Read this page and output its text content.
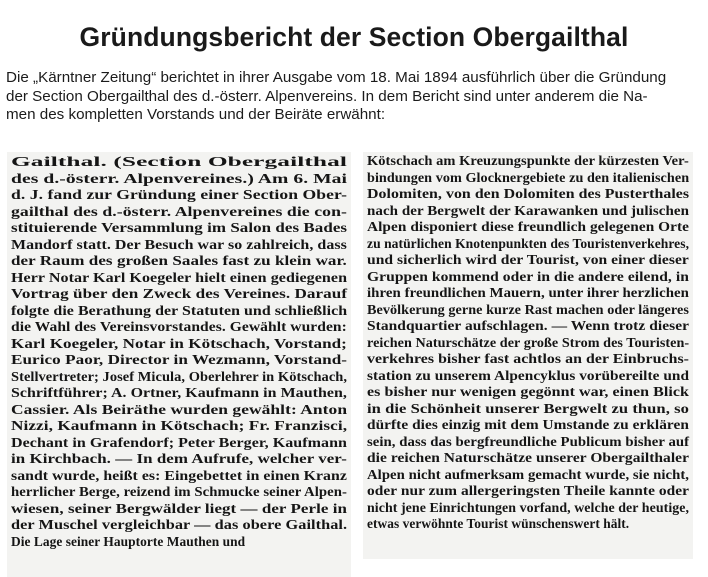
Gründungsbericht der Section Obergailthal
Die „Kärntner Zeitung“ berichtet in ihrer Ausgabe vom 18. Mai 1894 ausführlich über die Gründung
der Section Obergailthal des d.-österr. Alpenvereins. In dem Bericht sind unter anderem die Na-
men des kompletten Vorstands und der Beiräte erwähnt:
Gailthal. (Section Obergailthal
des d.-österr. Alpenvereines.) Am 6. Mai
d. J. fand zur Gründung einer Section Ober-
gailthal des d.-österr. Alpenvereines die con-
stituierende Versammlung im Salon des Bades
Mandorf statt. Der Besuch war so zahlreich, dass
der Raum des großen Saales fast zu klein war.
Herr Notar Karl Koegeler hielt einen gediegenen
Vortrag über den Zweck des Vereines. Darauf
folgte die Berathung der Statuten und schließlich
die Wahl des Vereinsvorstandes. Gewählt wurden:
Karl Koegeler, Notar in Kötschach, Vorstand;
Eurico Paor, Director in Wezmann, Vorstand-
Stellvertreter; Josef Micula, Oberlehrer in Kötschach,
Schriftführer; A. Ortner, Kaufmann in Mauthen,
Cassier. Als Beiräthe wurden gewählt: Anton
Nizzi, Kaufmann in Kötschach; Fr. Franzisci,
Dechant in Grafendorf; Peter Berger, Kaufmann
in Kirchbach. — In dem Aufrufe, welcher ver-
sandt wurde, heißt es: Eingebettet in einen Kranz
herrlicher Berge, reizend im Schmucke seiner Alpen-
wiesen, seiner Bergwälder liegt — der Perle in
der Muschel vergleichbar — das obere Gailthal.
Die Lage seiner Hauptorte Mauthen und
Kötschach am Kreuzungspunkte der kürzesten Ver-
bindungen vom Glocknergebiete zu den italienischen
Dolomiten, von den Dolomiten des Pusterthales
nach der Bergwelt der Karawanken und julischen
Alpen disponiert diese freundlich gelegenen Orte
zu natürlichen Knotenpunkten des Touristenverkehres,
und sicherlich wird der Tourist, von einer dieser
Gruppen kommend oder in die andere eilend, in
ihren freundlichen Mauern, unter ihrer herzlichen
Bevölkerung gerne kurze Rast machen oder längeres
Standquartier aufschlagen. — Wenn trotz dieser
reichen Naturschätze der große Strom des Touristen-
verkehres bisher fast achtlos an der Einbruchs-
station zu unserem Alpencyklus vorübereilte und
es bisher nur wenigen gegönnt war, einen Blick
in die Schönheit unserer Bergwelt zu thun, so
dürfte dies einzig mit dem Umstande zu erklären
sein, dass das bergfreundliche Publicum bisher auf
die reichen Naturschätze unserer Obergailthaler
Alpen nicht aufmerksam gemacht wurde, sie nicht,
oder nur zum allergeringsten Theile kannte oder
nicht jene Einrichtungen vorfand, welche der heutige,
etwas verwöhnte Tourist wünschenswert hält.
